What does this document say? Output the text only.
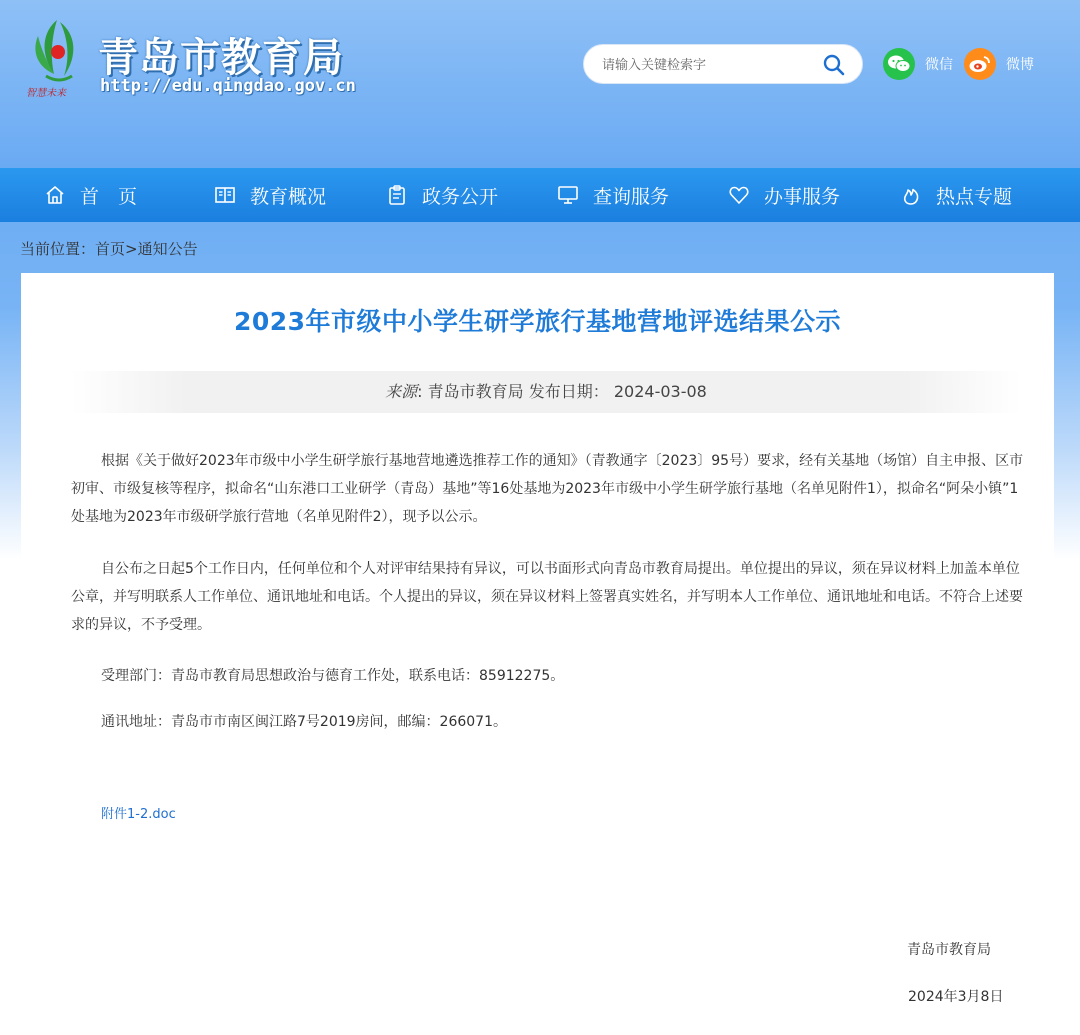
智慧未来
青岛市教育局
http://edu.qingdao.gov.cn
请输入关键检索字
微信	微博
首　页	教育概况	政务公开	查询服务	办事服务	热点专题
当前位置：首页>通知公告
2023年市级中小学生研学旅行基地营地评选结果公示
来源: 青岛市教育局 发布日期： 2024-03-08

根据《关于做好2023年市级中小学生研学旅行基地营地遴选推荐工作的通知》（青教通字〔2023〕95号）要求，经有关基地（场馆）自主申报、区市初审、市级复核等程序，拟命名“山东港口工业研学（青岛）基地”等16处基地为2023年市级中小学生研学旅行基地（名单见附件1），拟命名“阿朵小镇”1处基地为2023年市级研学旅行营地（名单见附件2），现予以公示。

自公布之日起5个工作日内，任何单位和个人对评审结果持有异议，可以书面形式向青岛市教育局提出。单位提出的异议，须在异议材料上加盖本单位公章，并写明联系人工作单位、通讯地址和电话。个人提出的异议，须在异议材料上签署真实姓名，并写明本人工作单位、通讯地址和电话。不符合上述要求的异议，不予受理。

受理部门：青岛市教育局思想政治与德育工作处，联系电话：85912275。

通讯地址：青岛市市南区闽江路7号2019房间，邮编：266071。

附件1-2.doc
青岛市教育局
2024年3月8日
